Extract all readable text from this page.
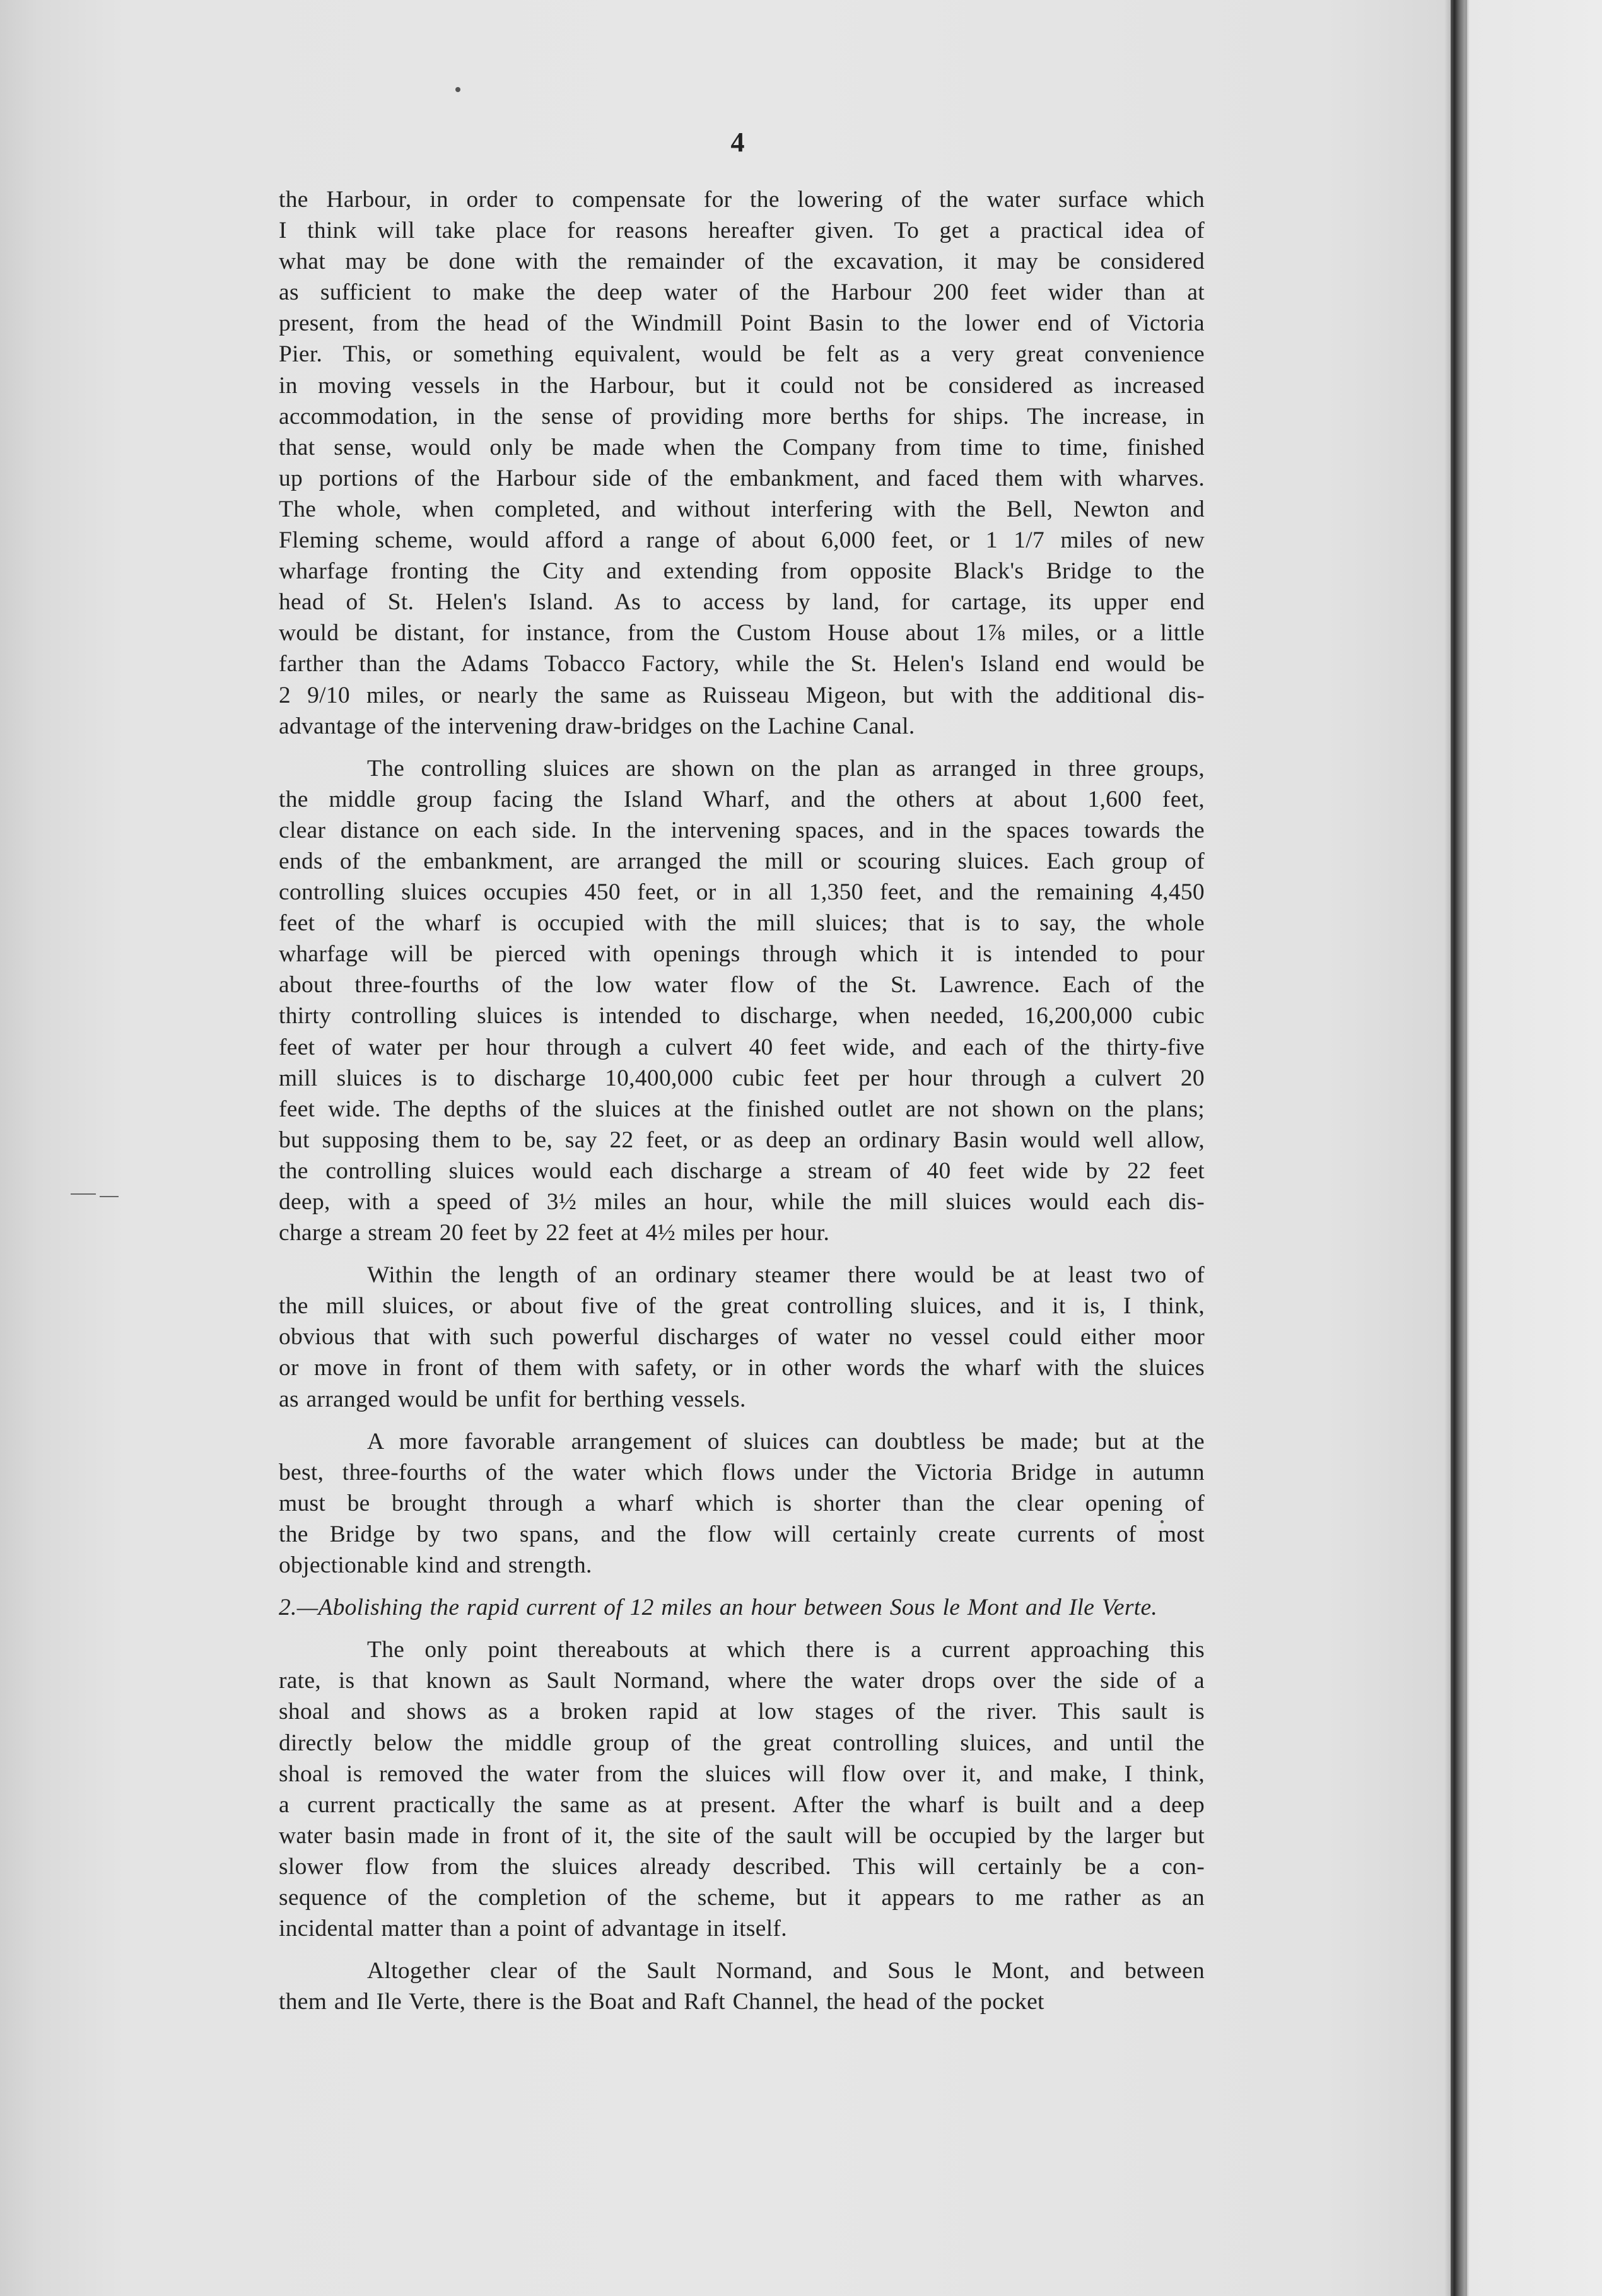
4
the Harbour, in order to compensate for the lowering of the water surface which
I think will take place for reasons hereafter given. To get a practical idea of
what may be done with the remainder of the excavation, it may be considered
as sufficient to make the deep water of the Harbour 200 feet wider than at
present, from the head of the Windmill Point Basin to the lower end of Victoria
Pier. This, or something equivalent, would be felt as a very great convenience
in moving vessels in the Harbour, but it could not be considered as increased
accommodation, in the sense of providing more berths for ships. The increase, in
that sense, would only be made when the Company from time to time, finished
up portions of the Harbour side of the embankment, and faced them with wharves.
The whole, when completed, and without interfering with the Bell, Newton and
Fleming scheme, would afford a range of about 6,000 feet, or 1 1/7 miles of new
wharfage fronting the City and extending from opposite Black's Bridge to the
head of St. Helen's Island. As to access by land, for cartage, its upper end
would be distant, for instance, from the Custom House about 1⅞ miles, or a little
farther than the Adams Tobacco Factory, while the St. Helen's Island end would be
2 9/10 miles, or nearly the same as Ruisseau Migeon, but with the additional dis-
advantage of the intervening draw-bridges on the Lachine Canal.
The controlling sluices are shown on the plan as arranged in three groups,
the middle group facing the Island Wharf, and the others at about 1,600 feet,
clear distance on each side. In the intervening spaces, and in the spaces towards the
ends of the embankment, are arranged the mill or scouring sluices. Each group of
controlling sluices occupies 450 feet, or in all 1,350 feet, and the remaining 4,450
feet of the wharf is occupied with the mill sluices; that is to say, the whole
wharfage will be pierced with openings through which it is intended to pour
about three-fourths of the low water flow of the St. Lawrence. Each of the
thirty controlling sluices is intended to discharge, when needed, 16,200,000 cubic
feet of water per hour through a culvert 40 feet wide, and each of the thirty-five
mill sluices is to discharge 10,400,000 cubic feet per hour through a culvert 20
feet wide. The depths of the sluices at the finished outlet are not shown on the plans;
but supposing them to be, say 22 feet, or as deep an ordinary Basin would well allow,
the controlling sluices would each discharge a stream of 40 feet wide by 22 feet
deep, with a speed of 3½ miles an hour, while the mill sluices would each dis-
charge a stream 20 feet by 22 feet at 4½ miles per hour.
Within the length of an ordinary steamer there would be at least two of
the mill sluices, or about five of the great controlling sluices, and it is, I think,
obvious that with such powerful discharges of water no vessel could either moor
or move in front of them with safety, or in other words the wharf with the sluices
as arranged would be unfit for berthing vessels.
A more favorable arrangement of sluices can doubtless be made; but at the
best, three-fourths of the water which flows under the Victoria Bridge in autumn
must be brought through a wharf which is shorter than the clear opening of
the Bridge by two spans, and the flow will certainly create currents of most
objectionable kind and strength.
2.—Abolishing the rapid current of 12 miles an hour between Sous le Mont and Ile Verte.
The only point thereabouts at which there is a current approaching this
rate, is that known as Sault Normand, where the water drops over the side of a
shoal and shows as a broken rapid at low stages of the river. This sault is
directly below the middle group of the great controlling sluices, and until the
shoal is removed the water from the sluices will flow over it, and make, I think,
a current practically the same as at present. After the wharf is built and a deep
water basin made in front of it, the site of the sault will be occupied by the larger but
slower flow from the sluices already described. This will certainly be a con-
sequence of the completion of the scheme, but it appears to me rather as an
incidental matter than a point of advantage in itself.
Altogether clear of the Sault Normand, and Sous le Mont, and between
them and Ile Verte, there is the Boat and Raft Channel, the head of the pocket
